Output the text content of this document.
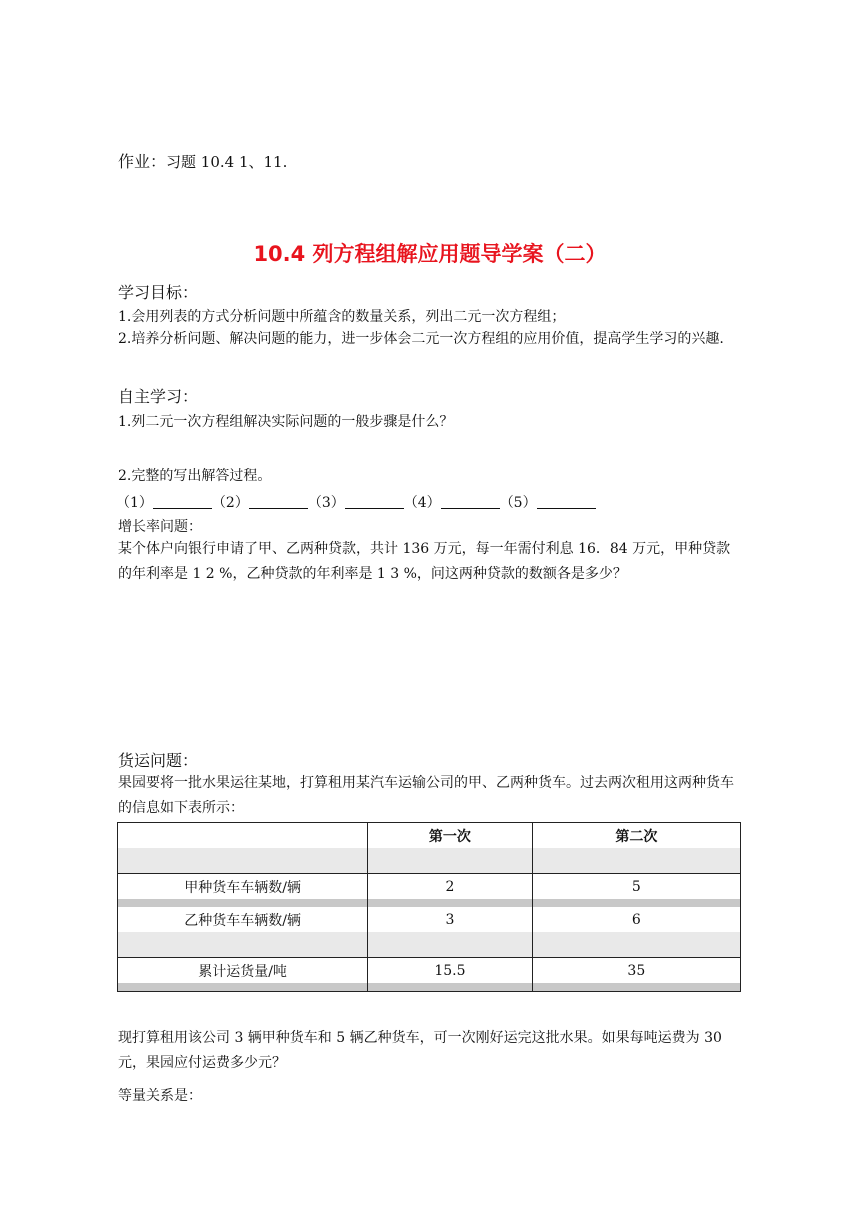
作业：习题 10.4 1、11.
10.4 列方程组解应用题导学案（二）
学习目标：
1.会用列表的方式分析问题中所蕴含的数量关系，列出二元一次方程组；
2.培养分析问题、解决问题的能力，进一步体会二元一次方程组的应用价值，提高学生学习的兴趣.
自主学习：
1.列二元一次方程组解决实际问题的一般步骤是什么？
2.完整的写出解答过程。
（1）	（2）	（3）	（4）	（5）
增长率问题：
某个体户向银行申请了甲、乙两种贷款，共计 136 万元，每一年需付利息 16．84 万元，甲种贷款的年利率是 1 2 %，乙种贷款的年利率是 1 3 %，问这两种贷款的数额各是多少？
货运问题：
果园要将一批水果运往某地，打算租用某汽车运输公司的甲、乙两种货车。过去两次租用这两种货车的信息如下表所示：
	第一次	第二次

甲种货车车辆数/辆	2	5

乙种货车车辆数/辆	3	6

累计运货量/吨	15.5	35

现打算租用该公司 3 辆甲种货车和 5 辆乙种货车，可一次刚好运完这批水果。如果每吨运费为 30 元，果园应付运费多少元？
等量关系是：
